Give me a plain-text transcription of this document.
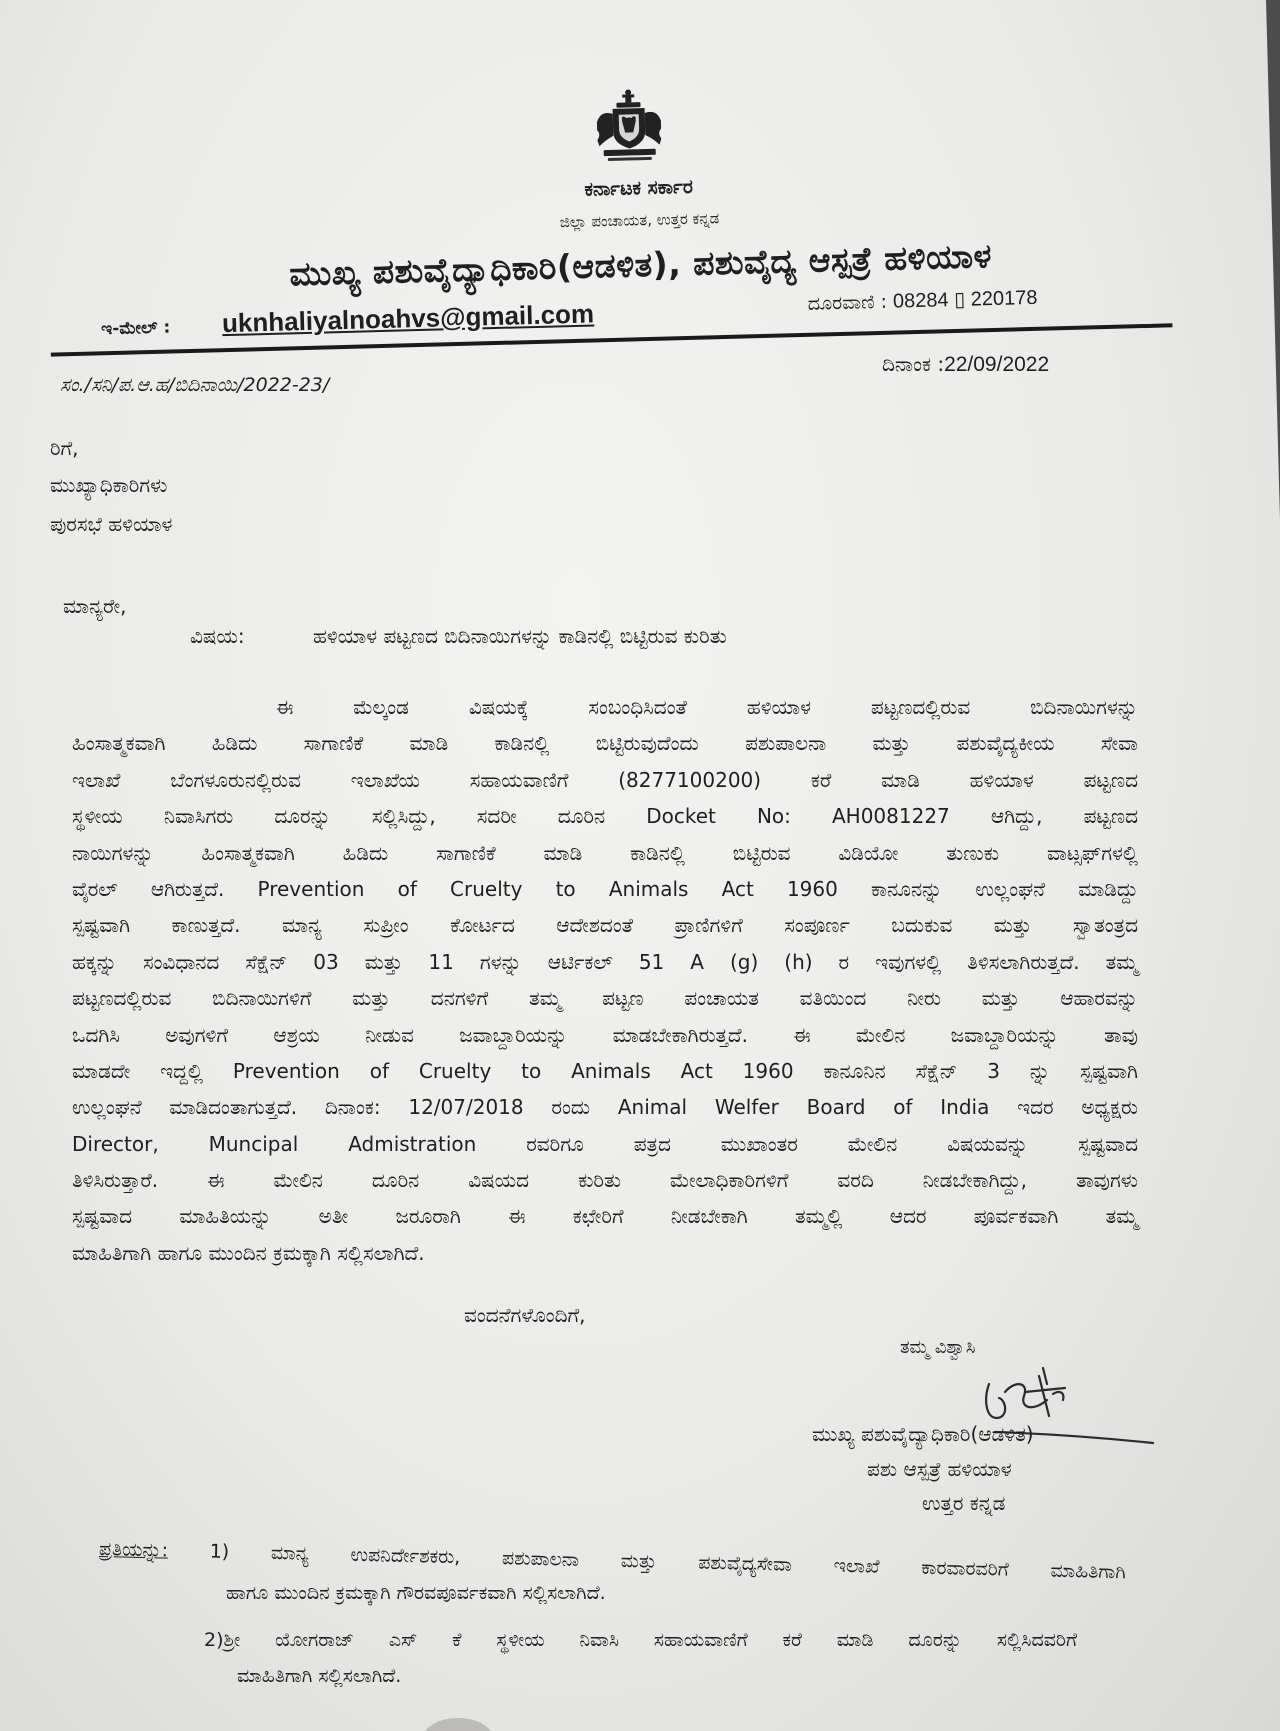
ಕರ್ನಾಟಕ ಸರ್ಕಾರ
ಜಿಲ್ಲಾ ಪಂಚಾಯತ, ಉತ್ತರ ಕನ್ನಡ
ಮುಖ್ಯ ಪಶುವೈದ್ಯಾಧಿಕಾರಿ(ಆಡಳಿತ), ಪಶುವೈದ್ಯ ಆಸ್ಪತ್ರೆ ಹಳಿಯಾಳ
ಇ-ಮೇಲ್ : uknhaliyalnoahvs@gmail.com	ದೂರವಾಣಿ : 08284 ▯ 220178
ಸಂ./ಸನಿ/ಪ.ಆ.ಹ/ಬಿದಿನಾಯಿ/2022-23/
ದಿನಾಂಕ :22/09/2022
ರಿಗೆ,
ಮುಖ್ಯಾಧಿಕಾರಿಗಳು
ಪುರಸಭೆ ಹಳಿಯಾಳ
ಮಾನ್ಯರೇ,
ವಿಷಯ:	ಹಳಿಯಾಳ ಪಟ್ಟಣದ ಬಿದಿನಾಯಿಗಳನ್ನು ಕಾಡಿನಲ್ಲಿ ಬಿಟ್ಟಿರುವ ಕುರಿತು
ಈ ಮೆಲ್ಕಂಡ ವಿಷಯಕ್ಕೆ ಸಂಬಂಧಿಸಿದಂತೆ ಹಳಿಯಾಳ ಪಟ್ಟಣದಲ್ಲಿರುವ ಬಿದಿನಾಯಿಗಳನ್ನು
ಹಿಂಸಾತ್ಮಕವಾಗಿ ಹಿಡಿದು ಸಾಗಾಣಿಕೆ ಮಾಡಿ ಕಾಡಿನಲ್ಲಿ ಬಿಟ್ಟಿರುವುದೆಂದು ಪಶುಪಾಲನಾ ಮತ್ತು ಪಶುವೈದ್ಯಕೀಯ ಸೇವಾ
ಇಲಾಖೆ ಬೆಂಗಳೂರುನಲ್ಲಿರುವ ಇಲಾಖೆಯ ಸಹಾಯವಾಣಿಗೆ (8277100200) ಕರೆ ಮಾಡಿ ಹಳಿಯಾಳ ಪಟ್ಟಣದ
ಸ್ಥಳೀಯ ನಿವಾಸಿಗರು ದೂರನ್ನು ಸಲ್ಲಿಸಿದ್ದು, ಸದರೀ ದೂರಿನ Docket No: AH0081227 ಆಗಿದ್ದು, ಪಟ್ಟಣದ
ನಾಯಿಗಳನ್ನು ಹಿಂಸಾತ್ಮಕವಾಗಿ ಹಿಡಿದು ಸಾಗಾಣಿಕೆ ಮಾಡಿ ಕಾಡಿನಲ್ಲಿ ಬಿಟ್ಟಿರುವ ವಿಡಿಯೋ ತುಣುಕು ವಾಟ್ಸಫ್‌ಗಳಲ್ಲಿ
ವೈರಲ್ ಆಗಿರುತ್ತದೆ. Prevention of Cruelty to Animals Act 1960 ಕಾನೂನನ್ನು ಉಲ್ಲಂಘನೆ ಮಾಡಿದ್ದು
ಸ್ಪಷ್ಟವಾಗಿ ಕಾಣುತ್ತದೆ. ಮಾನ್ಯ ಸುಪ್ರೀಂ ಕೋರ್ಟದ ಆದೇಶದಂತೆ ಪ್ರಾಣಿಗಳಿಗೆ ಸಂಪೂರ್ಣ ಬದುಕುವ ಮತ್ತು ಸ್ವಾತಂತ್ರದ
ಹಕ್ಕನ್ನು ಸಂವಿಧಾನದ ಸೆಕ್ಷೆನ್ 03 ಮತ್ತು 11 ಗಳನ್ನು ಆರ್ಟಿಕಲ್ 51 A (g) (h) ರ ಇವುಗಳಲ್ಲಿ ತಿಳಿಸಲಾಗಿರುತ್ತದೆ. ತಮ್ಮ
ಪಟ್ಟಣದಲ್ಲಿರುವ ಬಿದಿನಾಯಿಗಳಿಗೆ ಮತ್ತು ದನಗಳಿಗೆ ತಮ್ಮ ಪಟ್ಟಣ ಪಂಚಾಯತ ವತಿಯಿಂದ ನೀರು ಮತ್ತು ಆಹಾರವನ್ನು
ಒದಗಿಸಿ ಅವುಗಳಿಗೆ ಆಶ್ರಯ ನೀಡುವ ಜವಾಬ್ದಾರಿಯನ್ನು ಮಾಡಬೇಕಾಗಿರುತ್ತದೆ. ಈ ಮೇಲಿನ ಜವಾಬ್ದಾರಿಯನ್ನು ತಾವು
ಮಾಡದೇ ಇದ್ದಲ್ಲಿ Prevention of Cruelty to Animals Act 1960 ಕಾನೂನಿನ ಸೆಕ್ಷೆನ್ 3 ನ್ನು ಸ್ಪಷ್ಟವಾಗಿ
ಉಲ್ಲಂಘನೆ ಮಾಡಿದಂತಾಗುತ್ತದೆ. ದಿನಾಂಕ: 12/07/2018 ರಂದು Animal Welfer Board of India ಇದರ ಅಧ್ಯಕ್ಷರು
Director, Muncipal Admistration ರವರಿಗೂ ಪತ್ರದ ಮುಖಾಂತರ ಮೇಲಿನ ವಿಷಯವನ್ನು ಸ್ಪಷ್ಟವಾದ
ತಿಳಿಸಿರುತ್ತಾರೆ. ಈ ಮೇಲಿನ ದೂರಿನ ವಿಷಯದ ಕುರಿತು ಮೇಲಾಧಿಕಾರಿಗಳಿಗೆ ವರದಿ ನೀಡಬೇಕಾಗಿದ್ದು, ತಾವುಗಳು
ಸ್ಪಷ್ಟವಾದ ಮಾಹಿತಿಯನ್ನು ಅತೀ ಜರೂರಾಗಿ ಈ ಕಛೇರಿಗೆ ನೀಡಬೇಕಾಗಿ ತಮ್ಮಲ್ಲಿ ಆದರ ಪೂರ್ವಕವಾಗಿ ತಮ್ಮ
ಮಾಹಿತಿಗಾಗಿ ಹಾಗೂ ಮುಂದಿನ ಕ್ರಮಕ್ಕಾಗಿ ಸಲ್ಲಿಸಲಾಗಿದೆ.
ವಂದನೆಗಳೊಂದಿಗೆ,
ತಮ್ಮ ವಿಶ್ವಾಸಿ
ಮುಖ್ಯ ಪಶುವೈದ್ಯಾಧಿಕಾರಿ(ಆಡಳಿತ)
ಪಶು ಆಸ್ಪತ್ರೆ ಹಳಿಯಾಳ
ಉತ್ತರ ಕನ್ನಡ
ಪ್ರತಿಯನ್ನು: 1) ಮಾನ್ಯ ಉಪನಿರ್ದೇಶಕರು, ಪಶುಪಾಲನಾ ಮತ್ತು ಪಶುವೈದ್ಯಸೇವಾ ಇಲಾಖೆ ಕಾರವಾರವರಿಗೆ ಮಾಹಿತಿಗಾಗಿ
ಹಾಗೂ ಮುಂದಿನ ಕ್ರಮಕ್ಕಾಗಿ ಗೌರವಪೂರ್ವಕವಾಗಿ ಸಲ್ಲಿಸಲಾಗಿದೆ.
2)ಶ್ರೀ ಯೋಗರಾಜ್ ಎಸ್ ಕೆ ಸ್ಥಳೀಯ ನಿವಾಸಿ ಸಹಾಯವಾಣಿಗೆ ಕರೆ ಮಾಡಿ ದೂರನ್ನು ಸಲ್ಲಿಸಿದವರಿಗೆ
ಮಾಹಿತಿಗಾಗಿ ಸಲ್ಲಿಸಲಾಗಿದೆ.
